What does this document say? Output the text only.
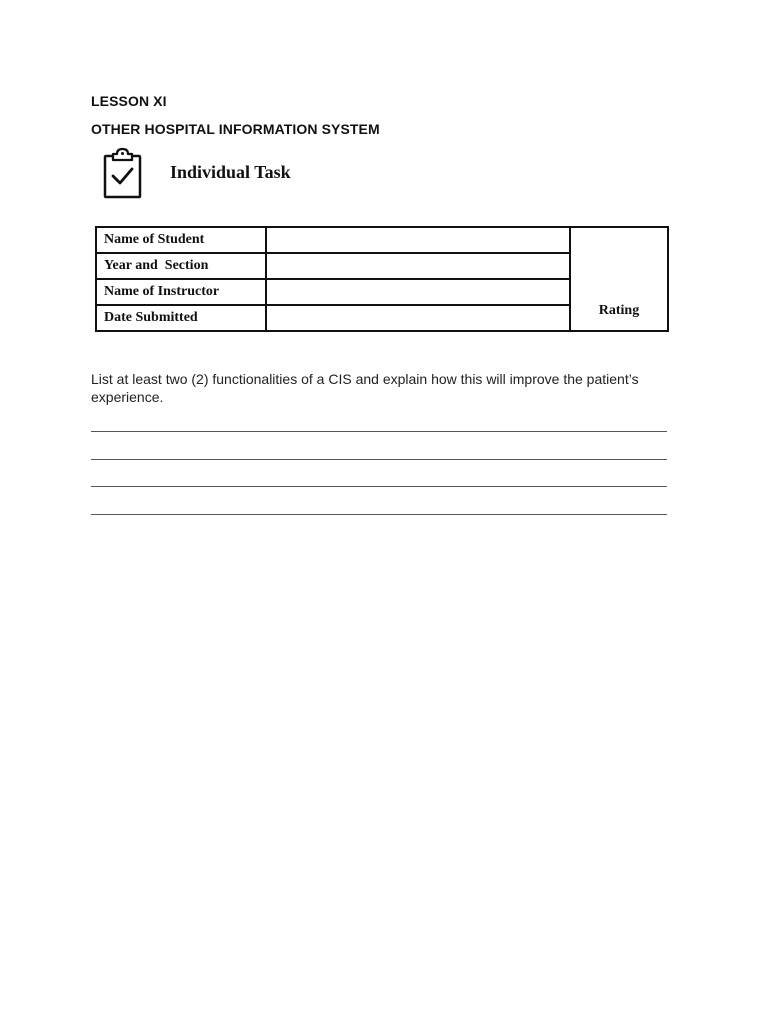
LESSON XI
OTHER HOSPITAL INFORMATION SYSTEM
Individual Task
Name of Student		Rating

Year and  Section		
Name of Instructor		
Date Submitted		
List at least two (2) functionalities of a CIS and explain how this will improve the patient’s experience.
